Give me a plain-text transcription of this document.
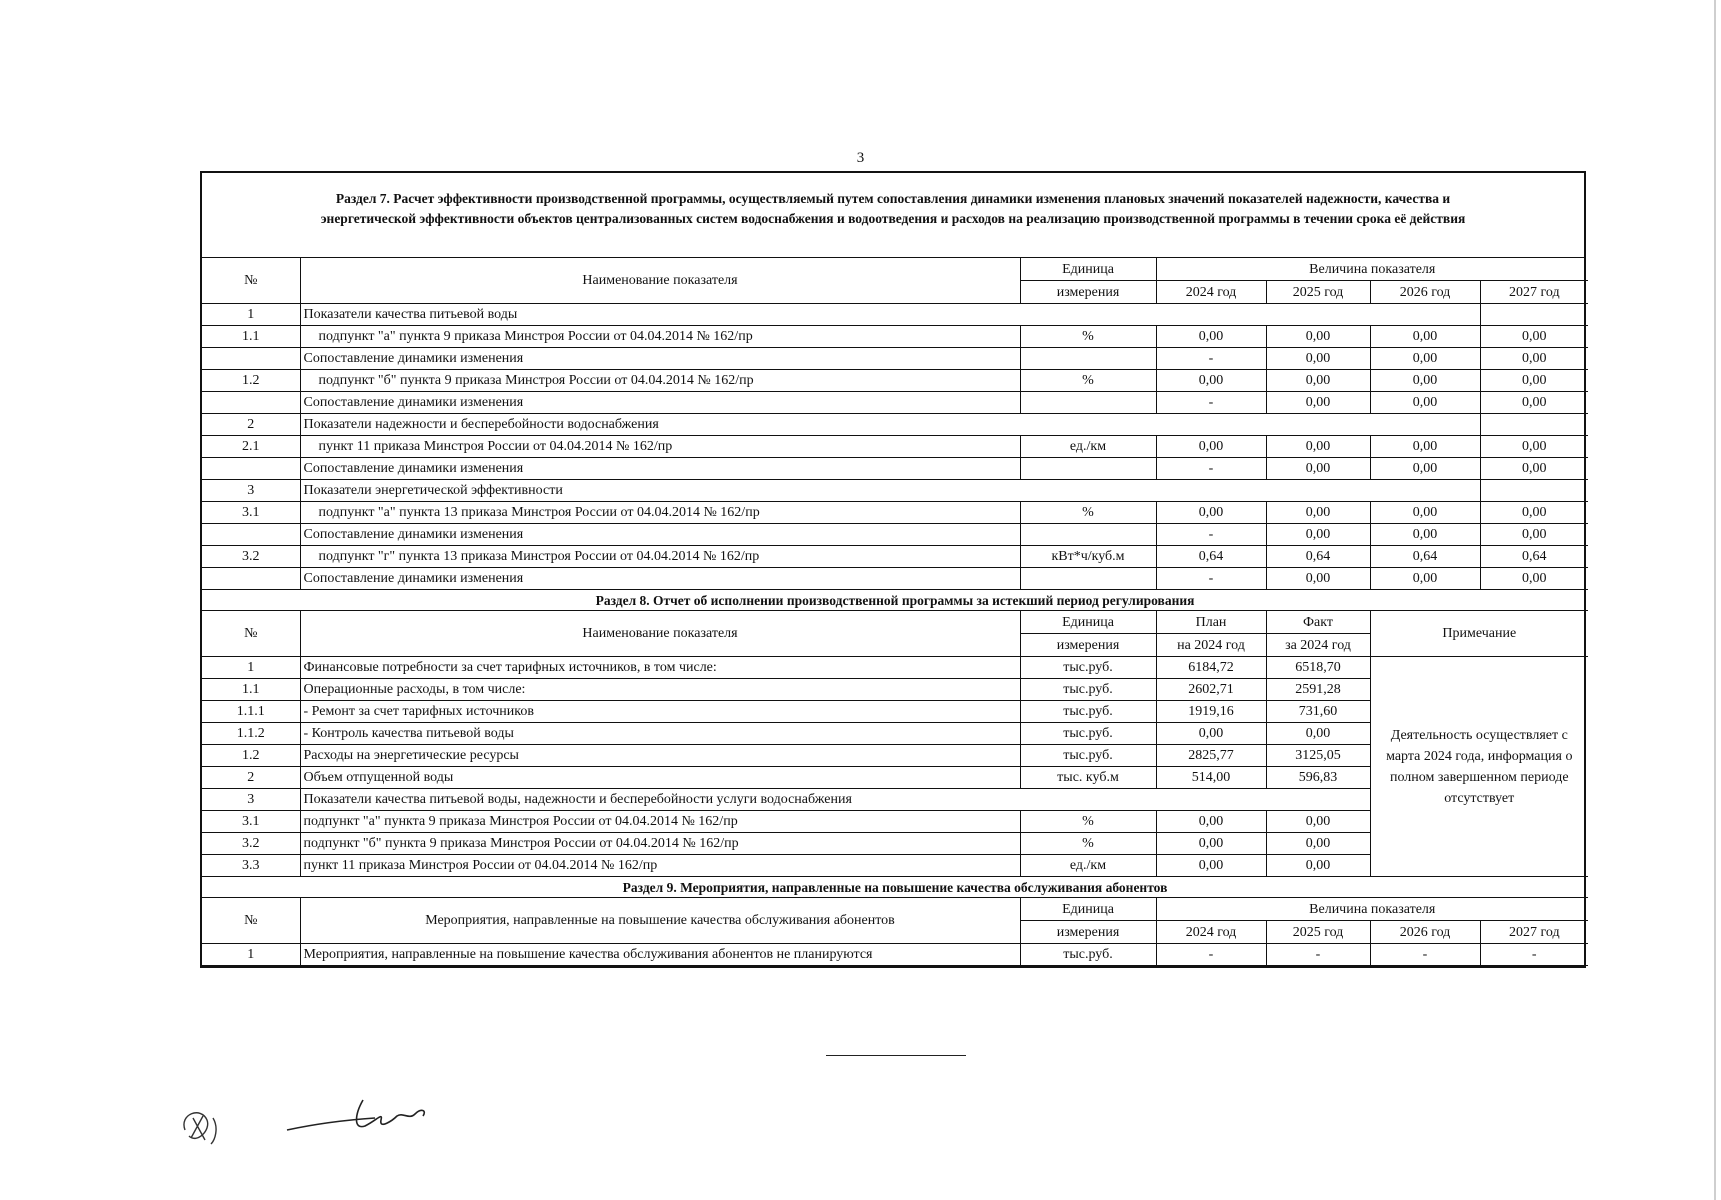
3
Раздел 7. Расчет эффективности производственной программы, осуществляемый путем сопоставления динамики изменения плановых значений показателей надежности, качества и
энергетической эффективности объектов централизованных систем водоснабжения и водоотведения и расходов на реализацию производственной программы в течении срока её действия
№	Наименование показателя	Единица	Величина показателя			
		измерения	2024 год	2025 год	2026 год	2027 год
1	Показатели качества питьевой воды					
1.1	подпункт "а" пункта 9 приказа Минстроя России от 04.04.2014 № 162/пр	%	0,00	0,00	0,00	0,00
	Сопоставление динамики изменения		-	0,00	0,00	0,00
1.2	подпункт "б" пункта 9 приказа Минстроя России от 04.04.2014 № 162/пр	%	0,00	0,00	0,00	0,00
	Сопоставление динамики изменения		-	0,00	0,00	0,00
2	Показатели надежности и бесперебойности водоснабжения					
2.1	пункт 11 приказа Минстроя России от 04.04.2014 № 162/пр	ед./км	0,00	0,00	0,00	0,00
	Сопоставление динамики изменения		-	0,00	0,00	0,00
3	Показатели энергетической эффективности					
3.1	подпункт "а" пункта 13 приказа Минстроя России от 04.04.2014 № 162/пр	%	0,00	0,00	0,00	0,00
	Сопоставление динамики изменения		-	0,00	0,00	0,00
3.2	подпункт "г" пункта 13 приказа Минстроя России от 04.04.2014 № 162/пр	кВт*ч/куб.м	0,64	0,64	0,64	0,64
	Сопоставление динамики изменения		-	0,00	0,00	0,00
Раздел 8. Отчет об исполнении производственной программы за истекший период регулирования						
№	Наименование показателя	Единица	План	Факт	Примечание	
		измерения	на 2024 год	за 2024 год		
1	Финансовые потребности за счет тарифных источников, в том числе:	тыс.руб.	6184,72	6518,70	Деятельность осуществляет с марта 2024 года, информация о полном завершенном периоде отсутствует	
1.1	Операционные расходы, в том числе:	тыс.руб.	2602,71	2591,28		
1.1.1	- Ремонт за счет тарифных источников	тыс.руб.	1919,16	731,60		
1.1.2	- Контроль качества питьевой воды	тыс.руб.	0,00	0,00		
1.2	Расходы на энергетические ресурсы	тыс.руб.	2825,77	3125,05		
2	Объем отпущенной воды	тыс. куб.м	514,00	596,83		
3	Показатели качества питьевой воды, надежности и бесперебойности услуги водоснабжения					
3.1	подпункт "а" пункта 9 приказа Минстроя России от 04.04.2014 № 162/пр	%	0,00	0,00		
3.2	подпункт "б" пункта 9 приказа Минстроя России от 04.04.2014 № 162/пр	%	0,00	0,00		
3.3	пункт 11 приказа Минстроя России от 04.04.2014 № 162/пр	ед./км	0,00	0,00		
Раздел 9. Мероприятия, направленные на повышение качества обслуживания абонентов						
№	Мероприятия, направленные на повышение качества обслуживания абонентов	Единица	Величина показателя			
		измерения	2024 год	2025 год	2026 год	2027 год
1	Мероприятия, направленные на повышение качества обслуживания абонентов не планируются	тыс.руб.	-	-	-	-
